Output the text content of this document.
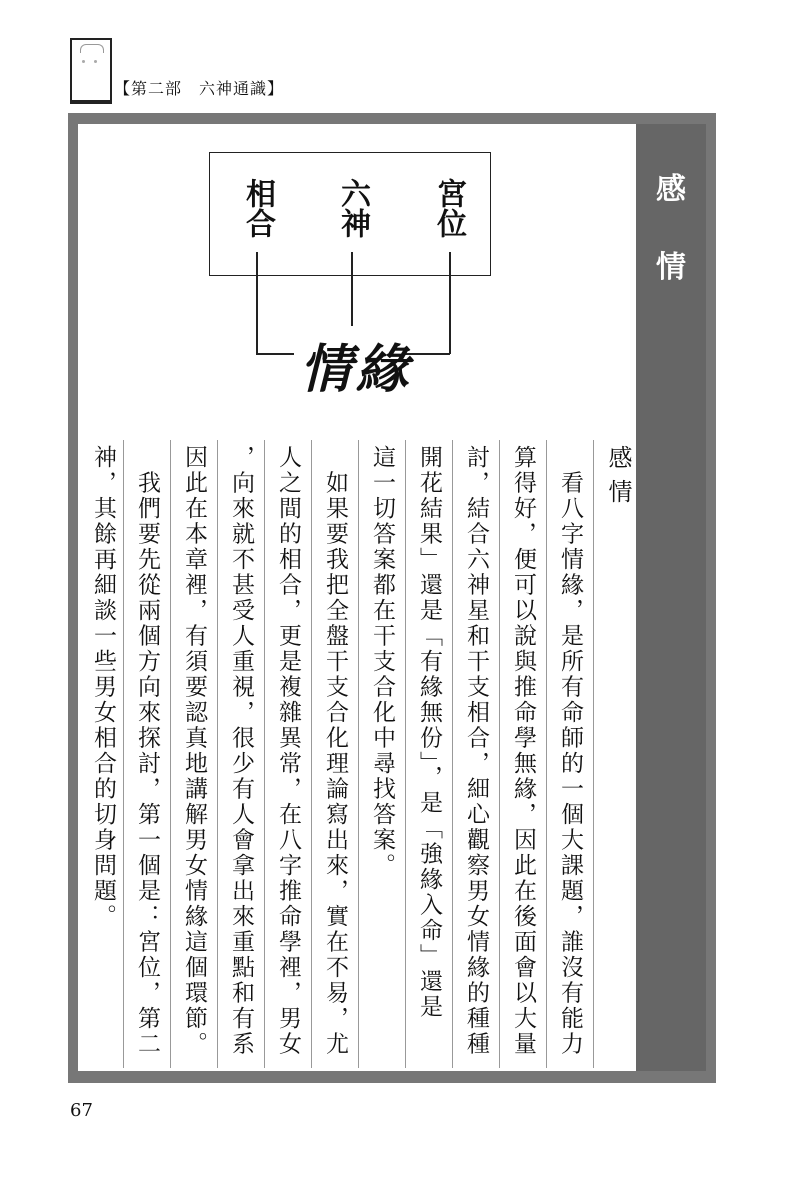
【第二部　六神通識】
感
情
宮位
六神
相合
情緣
感情
　看八字情緣，是所有命師的一個大課題，誰沒有能力
算得好，便可以說與推命學無緣，因此在後面會以大量
討，結合六神星和干支相合，細心觀察男女情緣的種種
開花結果」還是「有緣無份」，是「強緣入命」還是
這一切答案都在干支合化中尋找答案。
　如果要我把全盤干支合化理論寫出來，實在不易，尤
人之間的相合，更是複雜異常，在八字推命學裡，男女
，向來就不甚受人重視，很少有人會拿出來重點和有系
因此在本章裡，有須要認真地講解男女情緣這個環節。
　我們要先從兩個方向來探討，第一個是：宮位，第二
神，其餘再細談一些男女相合的切身問題。
67
